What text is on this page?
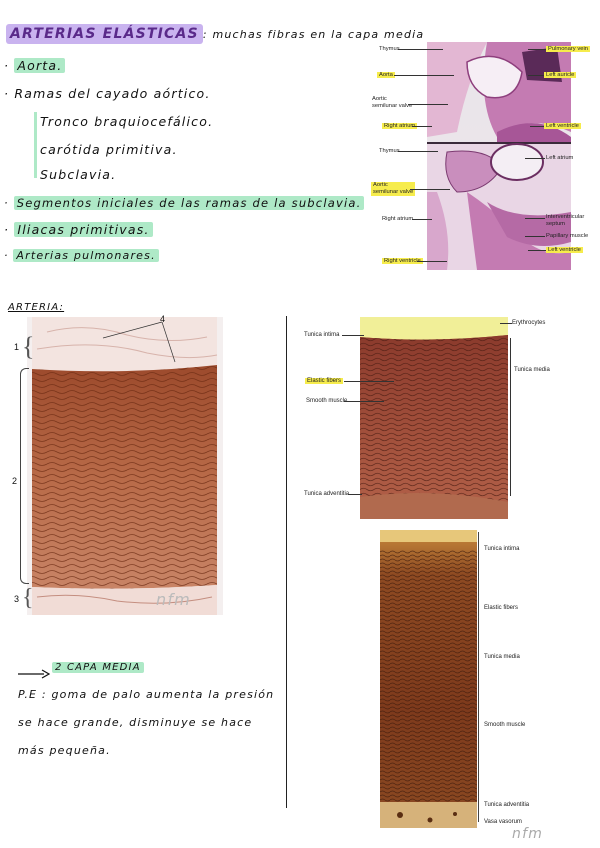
ARTERIAS ELÁSTICAS : muchas fibras en la capa media
· Aorta.
· Ramas del cayado aórtico.
Tronco braquiocefálico.
carótida primitiva.
Subclavia.
· Segmentos iniciales de las ramas de la subclavia.
· Iliacas primitivas.
· Arterias pulmonares.
Thymus
Aorta
Aortic
semilunar valve
Right atrium
Thymus
Aortic
semilunar valve
Right atrium
Right ventricle
Pulmonary vein
Left auricle
Left ventricle
Left atrium
Interventricular
septum
Papillary muscle
Left ventricle
ARTERIA:
1 {
2
3 {
4
nfm
Tunica intima
Erythrocytes
Tunica media
Elastic fibers
Smooth muscle
Tunica adventitia
Tunica intima
Elastic fibers
Tunica media
Smooth muscle
Tunica adventitia
Vasa vasorum
2 CAPA MEDIA
P.E : goma de palo aumenta la presión
se hace grande, disminuye se hace
más pequeña.
nfm
